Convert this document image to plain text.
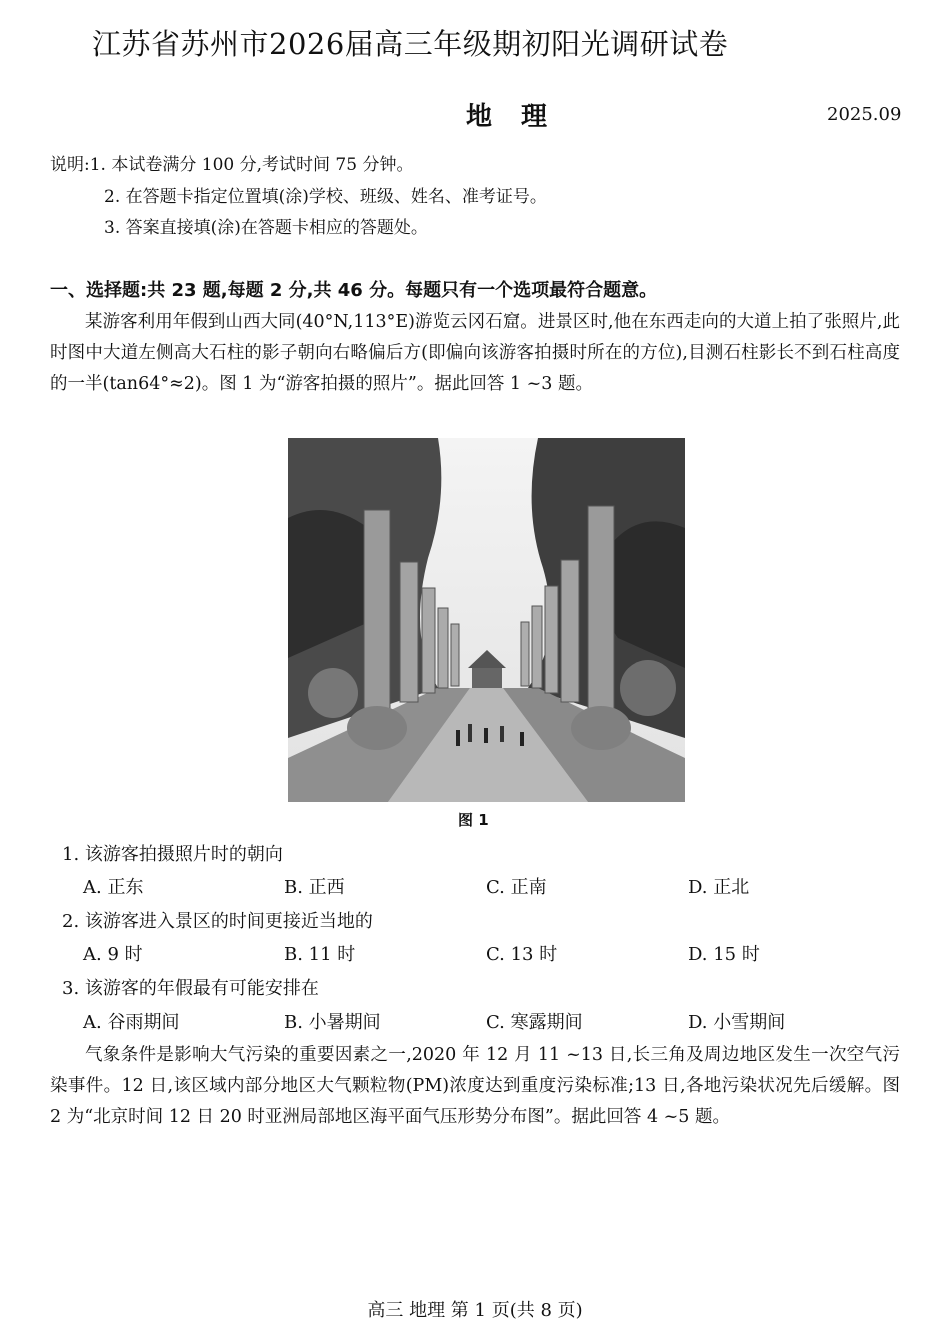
江苏省苏州市2026届高三年级期初阳光调研试卷
地 理	2025.09
说明:1. 本试卷满分 100 分,考试时间 75 分钟。
2. 在答题卡指定位置填(涂)学校、班级、姓名、准考证号。
3. 答案直接填(涂)在答题卡相应的答题处。
一、选择题:共 23 题,每题 2 分,共 46 分。每题只有一个选项最符合题意。

某游客利用年假到山西大同(40°N,113°E)游览云冈石窟。进景区时,他在东西走向的大道上拍了张照片,此时图中大道左侧高大石柱的影子朝向右略偏后方(即偏向该游客拍摄时所在的方位),目测石柱影长不到石柱高度的一半(tan64°≈2)。图 1 为“游客拍摄的照片”。据此回答 1 ~3 题。

图 1
1. 该游客拍摄照片时的朝向
A. 正东	B. 正西	C. 正南	D. 正北
2. 该游客进入景区的时间更接近当地的
A. 9 时	B. 11 时	C. 13 时	D. 15 时
3. 该游客的年假最有可能安排在
A. 谷雨期间	B. 小暑期间	C. 寒露期间	D. 小雪期间

气象条件是影响大气污染的重要因素之一,2020 年 12 月 11 ~13 日,长三角及周边地区发生一次空气污染事件。12 日,该区域内部分地区大气颗粒物(PM)浓度达到重度污染标准;13 日,各地污染状况先后缓解。图 2 为“北京时间 12 日 20 时亚洲局部地区海平面气压形势分布图”。据此回答 4 ~5 题。

高三 地理 第 1 页(共 8 页)
